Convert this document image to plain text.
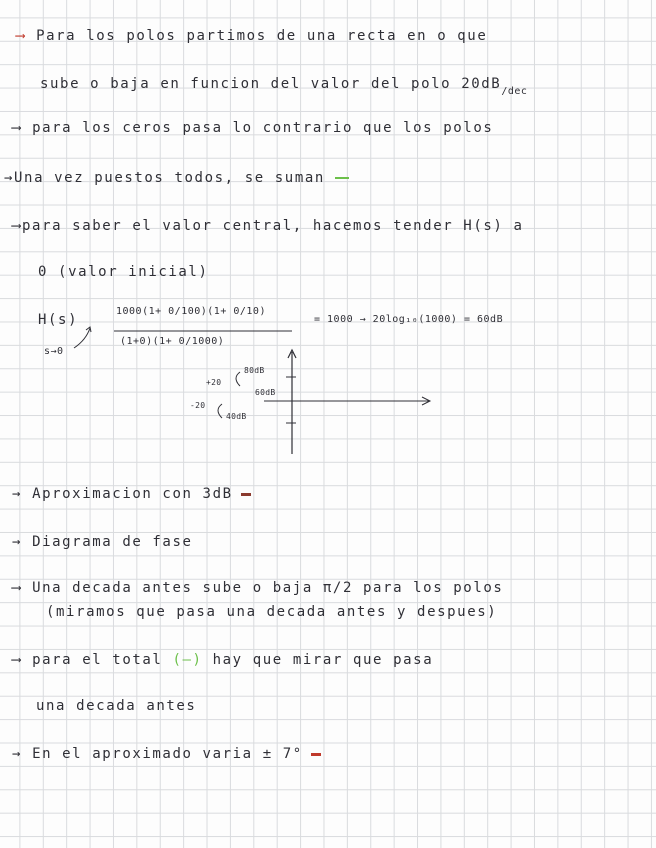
⟶ Para los polos partimos de una recta en o que
sube o baja en funcion del valor del polo $20dB_{/dec}$
⟶ para los ceros pasa lo contrario que los polos
→Una vez puestos todos, se suman
⟶para saber el valor central, hacemos tender H(s) a
0 (valor inicial)
H(s)
s→0
1000(1+ 0/100)(1+ 0/10)
(1+0)(1+ 0/1000)
= 1000 → 20log₁₀(1000) = 60dB
+20
80dB
60dB
-20
40dB
→ Aproximacion con 3dB
→ Diagrama de fase
⟶ Una decada antes sube o baja π/2 para los polos
(miramos que pasa una decada antes y despues)
⟶ para el total (—) hay que mirar que pasa
una decada antes
→ En el aproximado varia ± 7°
